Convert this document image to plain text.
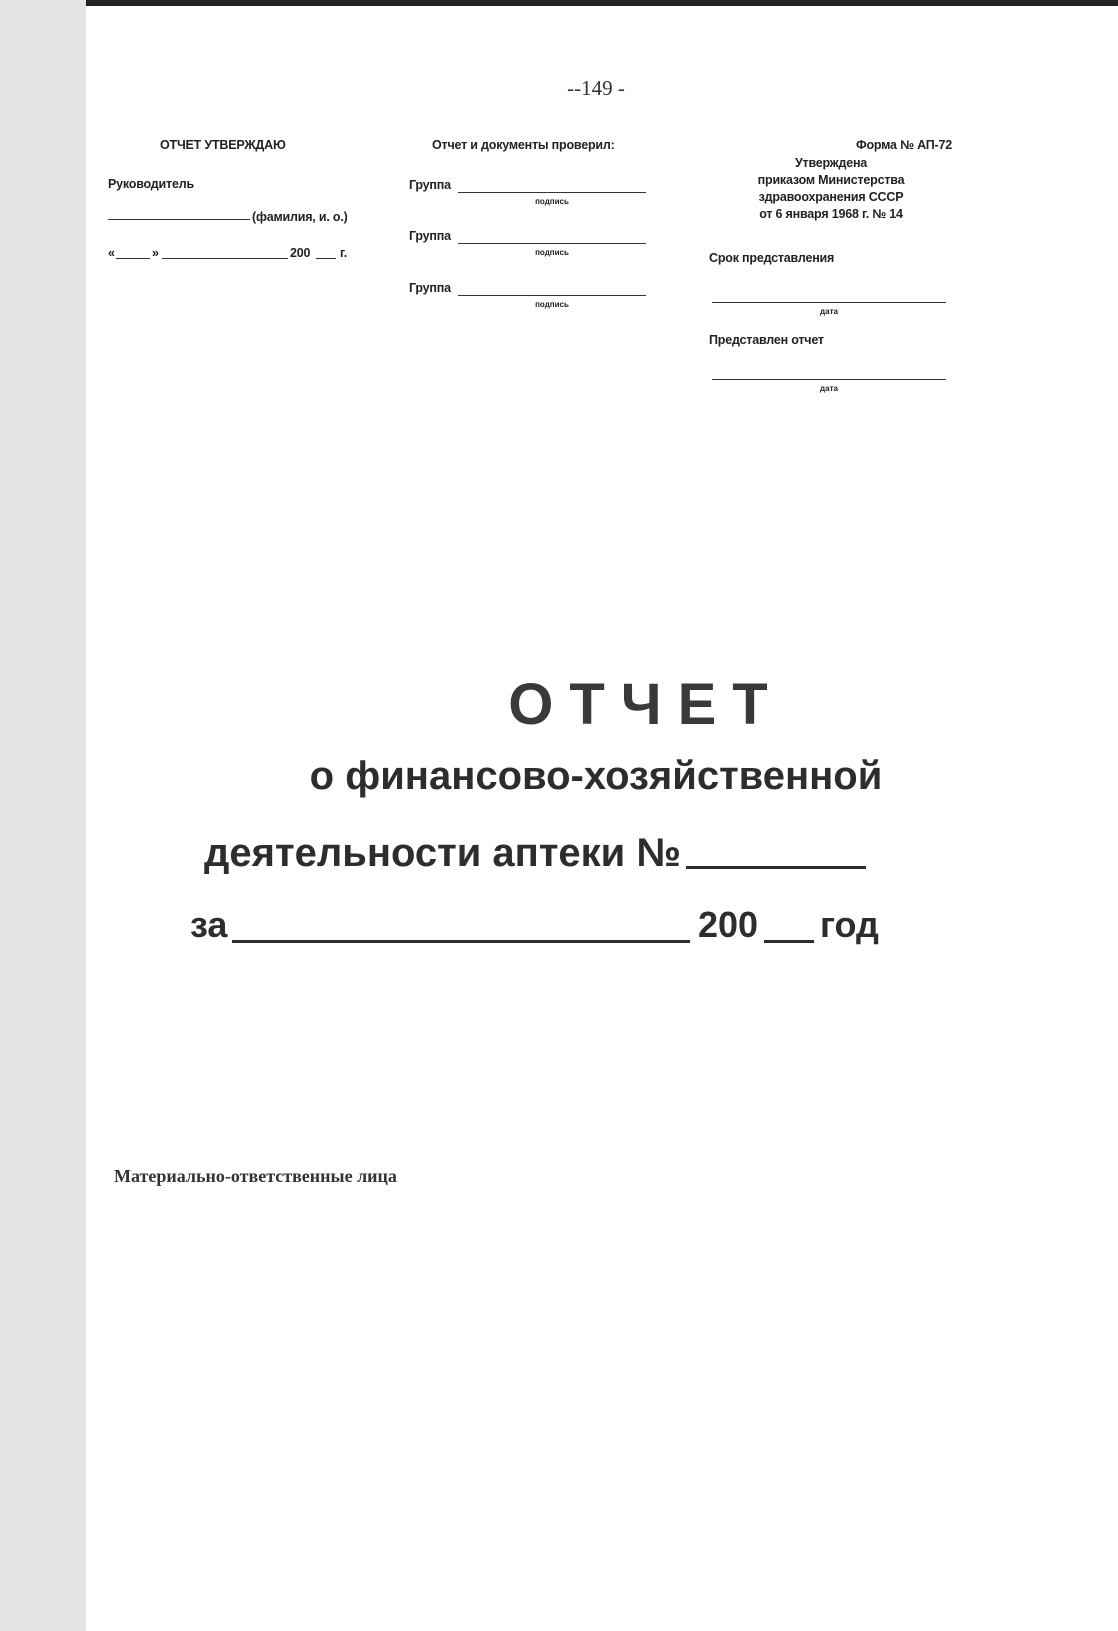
--149 -
ОТЧЕТ УТВЕРЖДАЮ
Руководитель
(фамилия, и. о.)
«	»	200 г.
Отчет и документы проверил:
Группа
подпись
Группа
подпись
Группа
подпись
Форма № АП-72
Утверждена
приказом Министерства
здравоохранения СССР
от 6 января 1968 г. № 14
Срок представления
дата
Представлен отчет
дата
ОТЧЕТ
о финансово-хозяйственной
деятельности аптеки №
за	200 год
Материально-ответственные лица
